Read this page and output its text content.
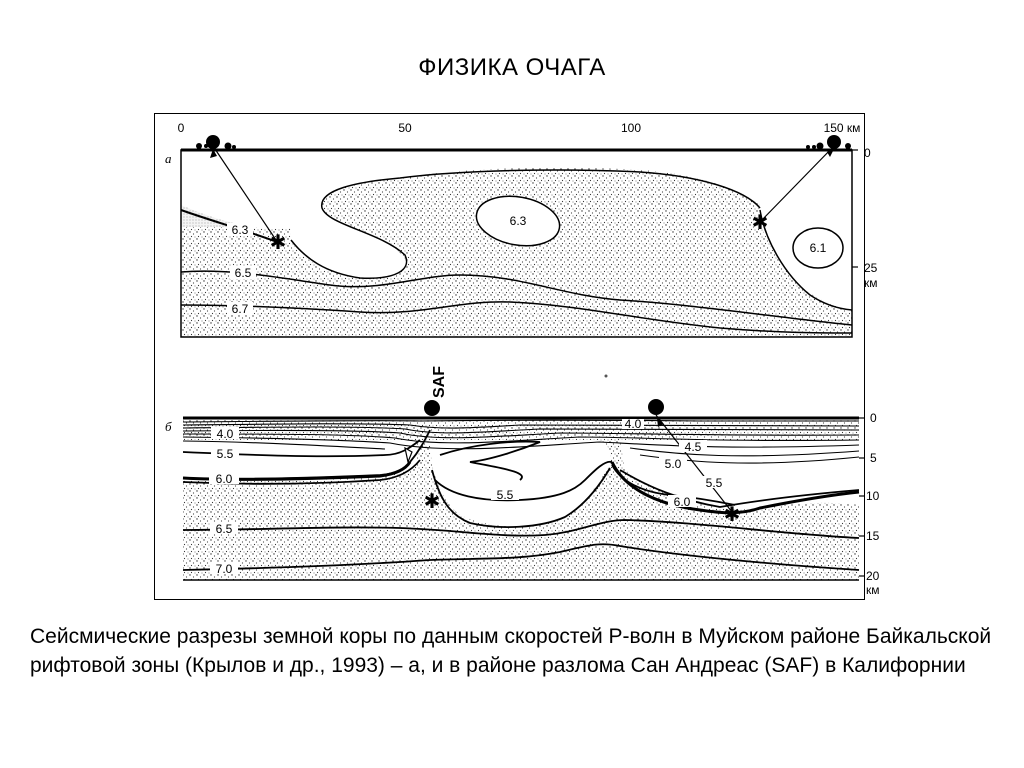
ФИЗИКА ОЧАГА
✱
✱
0	50	100	150 км
0
25
км
а
6.3
6.5
6.7
6.3
6.1
SAF
✱
✱
0
5
10
15
20
км
б	4.0
5.5
6.0
6.5
7.0
5.5
4.5
5.0
5.5
6.0
4.0
Сейсмические разрезы земной коры по данным скоростей P-волн в Муйском районе Байкальской рифтовой зоны (Крылов и др., 1993) – а, и в районе разлома Сан Андреас (SAF) в Калифорнии
